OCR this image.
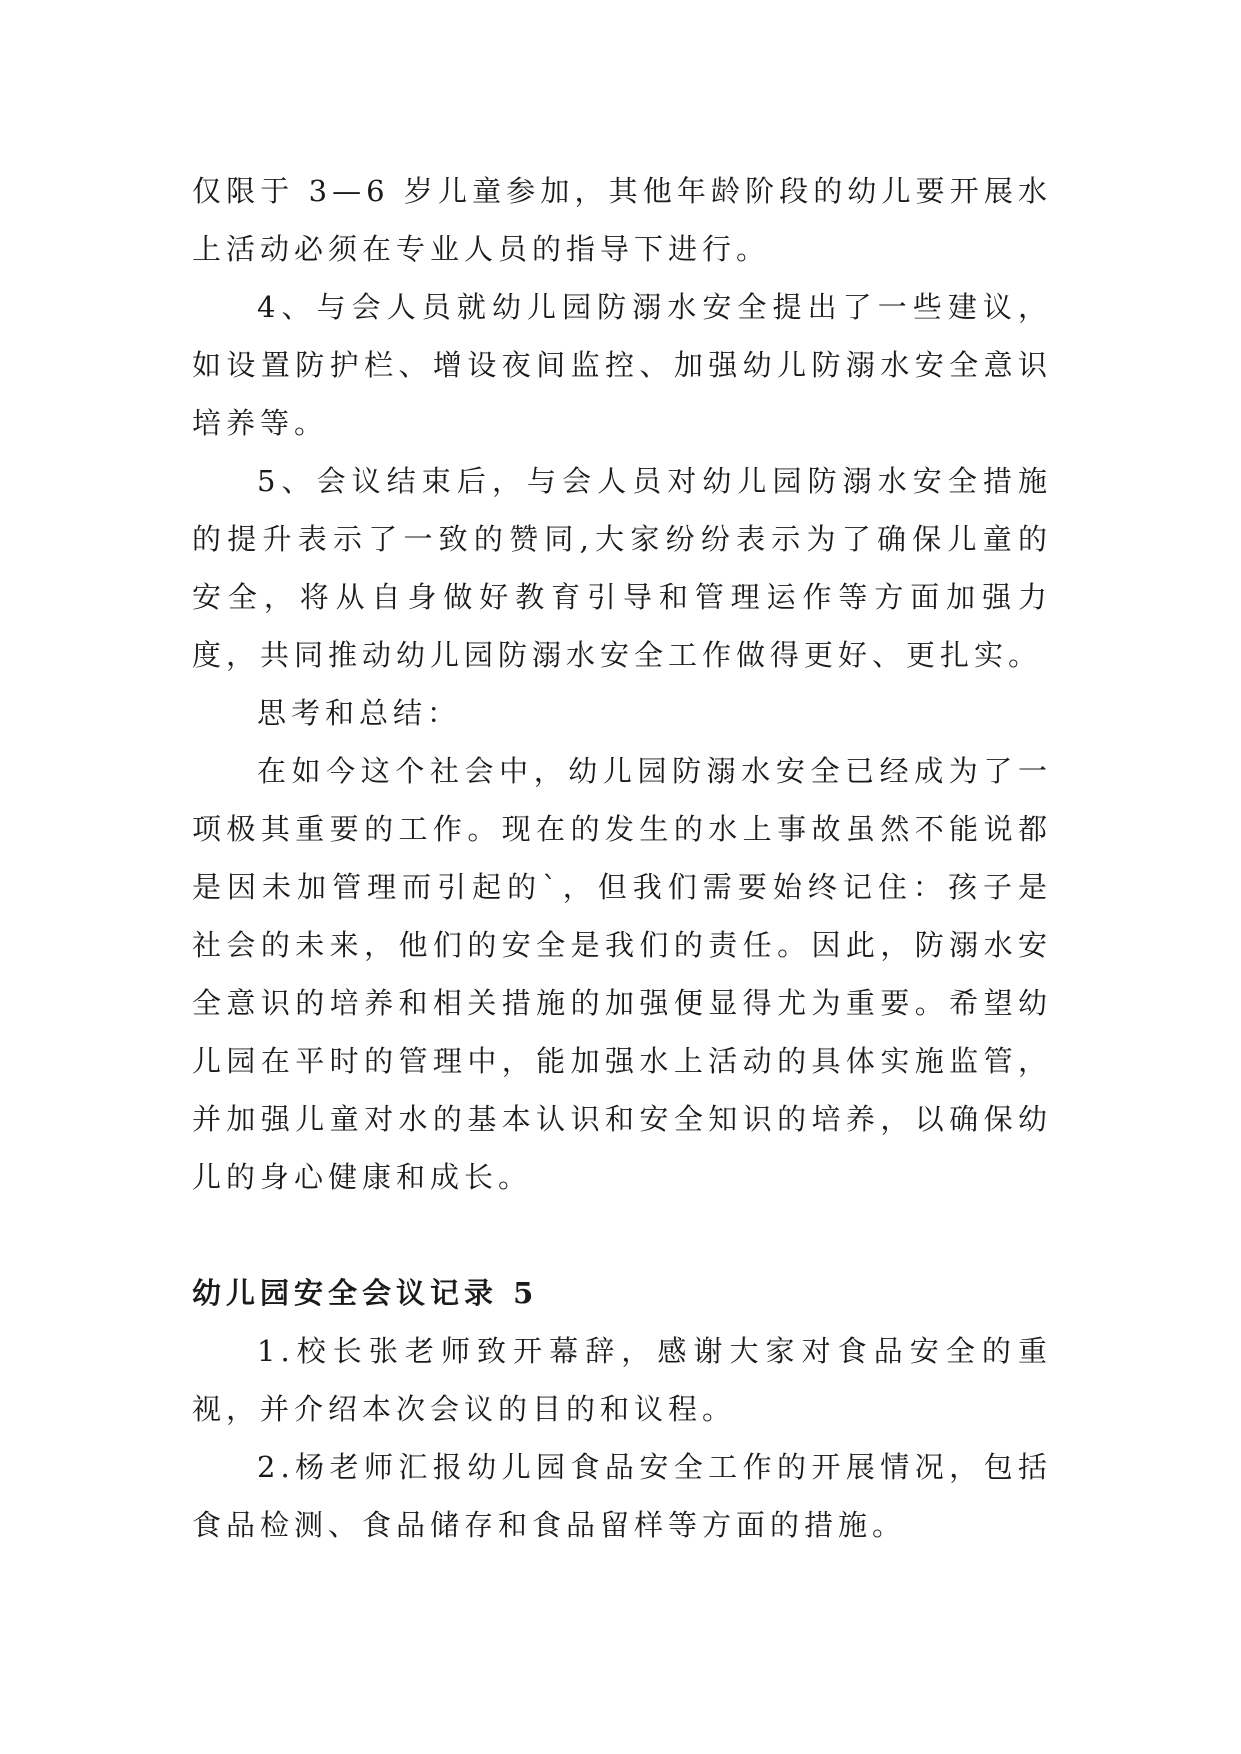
仅限于 3—6 岁儿童参加，其他年龄阶段的幼儿要开展水上活动必须在专业人员的指导下进行。

4、与会人员就幼儿园防溺水安全提出了一些建议，如设置防护栏、增设夜间监控、加强幼儿防溺水安全意识培养等。

5、会议结束后，与会人员对幼儿园防溺水安全措施的提升表示了一致的赞同,大家纷纷表示为了确保儿童的安全，将从自身做好教育引导和管理运作等方面加强力度，共同推动幼儿园防溺水安全工作做得更好、更扎实。

思考和总结：

在如今这个社会中，幼儿园防溺水安全已经成为了一项极其重要的工作。现在的发生的水上事故虽然不能说都是因未加管理而引起的`，但我们需要始终记住：孩子是社会的未来，他们的安全是我们的责任。因此，防溺水安全意识的培养和相关措施的加强便显得尤为重要。希望幼儿园在平时的管理中，能加强水上活动的具体实施监管，并加强儿童对水的基本认识和安全知识的培养，以确保幼儿的身心健康和成长。

幼儿园安全会议记录 5

1.校长张老师致开幕辞，感谢大家对食品安全的重视，并介绍本次会议的目的和议程。

2.杨老师汇报幼儿园食品安全工作的开展情况，包括食品检测、食品储存和食品留样等方面的措施。
